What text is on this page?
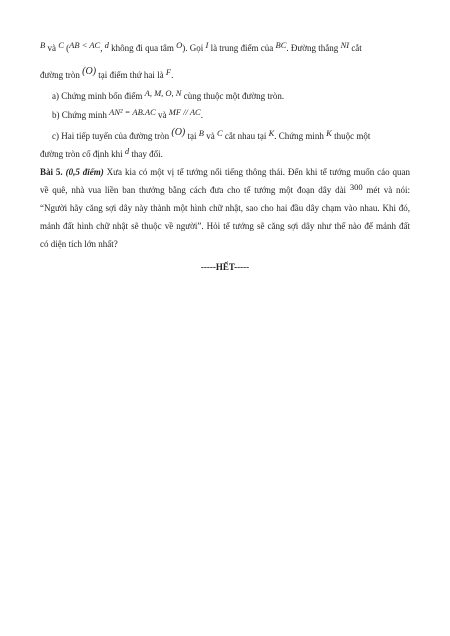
B và C (AB < AC, d không đi qua tâm O). Gọi I là trung điểm của BC. Đường thẳng NI cắt
đường tròn (O) tại điểm thứ hai là F.
a) Chứng minh bốn điểm A, M, O, N cùng thuộc một đường tròn.
b) Chứng minh AN² = AB.AC và MF // AC.
c) Hai tiếp tuyến của đường tròn (O) tại B và C cắt nhau tại K. Chứng minh K thuộc một
đường tròn cố định khi d thay đổi.
Bài 5. (0,5 điểm) Xưa kia có một vị tể tướng nổi tiếng thông thái. Đến khi tể tướng muốn cáo quan
về quê, nhà vua liền ban thưởng bằng cách đưa cho tể tướng một đoạn dây dài 300 mét và nói:
“Người hãy căng sợi dây này thành một hình chữ nhật, sao cho hai đầu dây chạm vào nhau. Khi đó,
mảnh đất hình chữ nhật sẽ thuộc về người”. Hỏi tể tướng sẽ căng sợi dây như thế nào để mảnh đất
có diện tích lớn nhất?
-----HẾT-----
